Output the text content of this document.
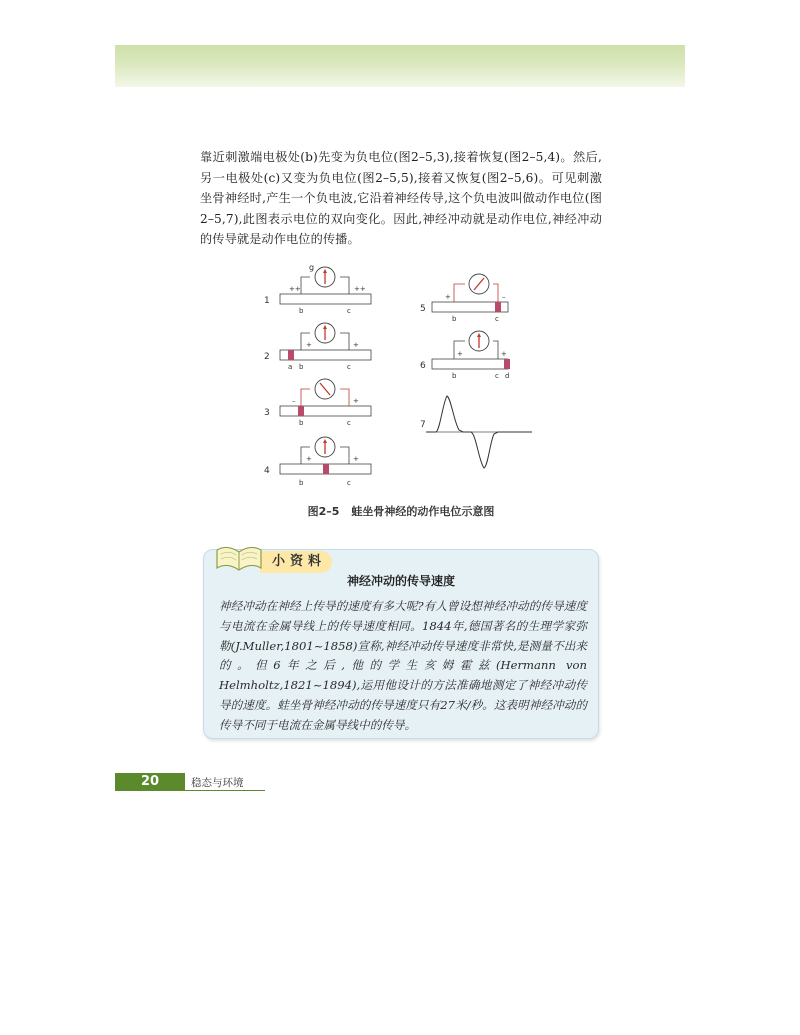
靠近刺激端电极处(b)先变为负电位(图2–5,3),接着恢复(图2–5,4)。然后,另一电极处(c)又变为负电位(图2–5,5),接着又恢复(图2–5,6)。可见刺激坐骨神经时,产生一个负电波,它沿着神经传导,这个负电波叫做动作电位(图2–5,7),此图表示电位的双向变化。因此,神经冲动就是动作电位,神经冲动的传导就是动作电位的传播。

1
g
++	++
b	c
2
+	+
a b	c
3
–	+
b	c
4
+	+
b	c
5
+	–
b	c
6
+	+
b	c d
7
图2–5 蛙坐骨神经的动作电位示意图
小资料
神经冲动的传导速度

神经冲动在神经上传导的速度有多大呢?有人曾设想神经冲动的传导速度与电流在金属导线上的传导速度相同。1844年,德国著名的生理学家弥勒(J.Muller,1801~1858)宣称,神经冲动传导速度非常快,是测量不出来的。但6年之后,他的学生亥姆霍兹(Hermann von Helmholtz,1821~1894),运用他设计的方法准确地测定了神经冲动传导的速度。蛙坐骨神经冲动的传导速度只有27米/秒。这表明神经冲动的传导不同于电流在金属导线中的传导。

20	稳态与环境
